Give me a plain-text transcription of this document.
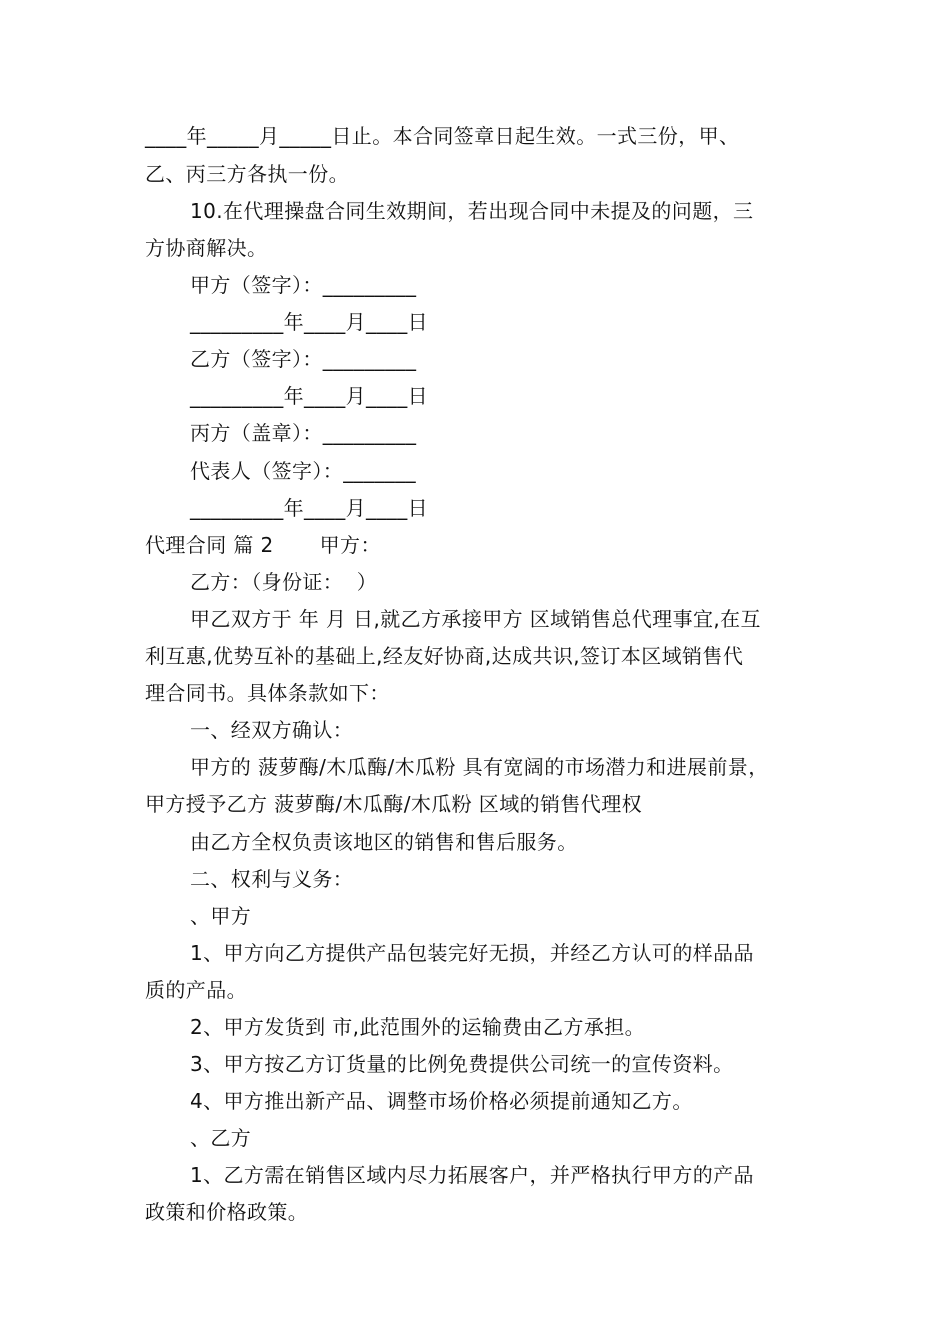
____年_____月_____日止。本合同签章日起生效。一式三份，甲、
乙、丙三方各执一份。
10.在代理操盘合同生效期间，若出现合同中未提及的问题，三
方协商解决。
甲方（签字）：_________
_________年____月____日
乙方（签字）：_________
_________年____月____日
丙方（盖章）：_________
代表人（签字）：_______
_________年____月____日
代理合同 篇 2 甲方：
乙方：（身份证：  ）
甲乙双方于 年 月 日,就乙方承接甲方 区域销售总代理事宜,在互
利互惠,优势互补的基础上,经友好协商,达成共识,签订本区域销售代
理合同书。具体条款如下：
一、经双方确认：
甲方的 菠萝酶/木瓜酶/木瓜粉 具有宽阔的市场潜力和进展前景，
甲方授予乙方 菠萝酶/木瓜酶/木瓜粉 区域的销售代理权
由乙方全权负责该地区的销售和售后服务。
二、权利与义务：
、甲方
1、甲方向乙方提供产品包装完好无损，并经乙方认可的样品品
质的产品。
2、甲方发货到 市,此范围外的运输费由乙方承担。
3、甲方按乙方订货量的比例免费提供公司统一的宣传资料。
4、甲方推出新产品、调整市场价格必须提前通知乙方。
、乙方
1、乙方需在销售区域内尽力拓展客户，并严格执行甲方的产品
政策和价格政策。
